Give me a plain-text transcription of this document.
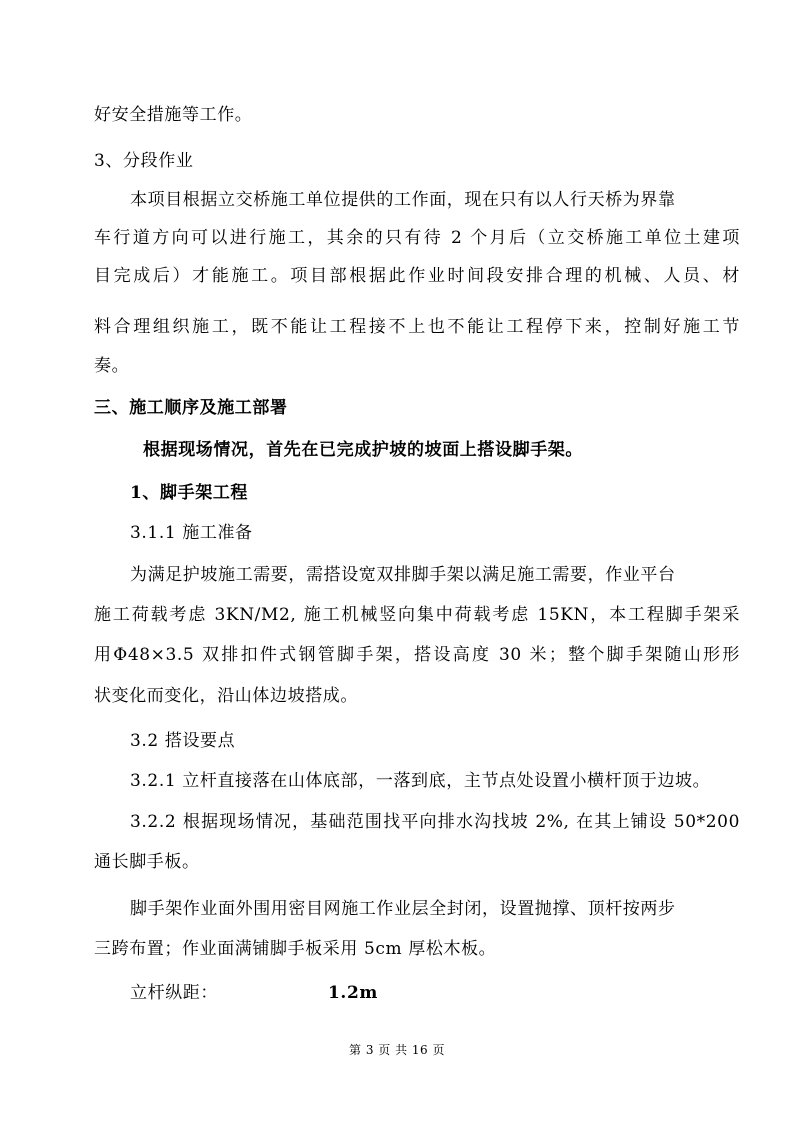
好安全措施等工作。
3、分段作业
本项目根据立交桥施工单位提供的工作面，现在只有以人行天桥为界靠
车行道方向可以进行施工，其余的只有待 2 个月后（立交桥施工单位土建项
目完成后）才能施工。项目部根据此作业时间段安排合理的机械、人员、材
料合理组织施工，既不能让工程接不上也不能让工程停下来，控制好施工节
奏。
三、施工顺序及施工部署
根据现场情况，首先在已完成护坡的坡面上搭设脚手架。
1、脚手架工程
3.1.1 施工准备
为满足护坡施工需要，需搭设宽双排脚手架以满足施工需要，作业平台
施工荷载考虑 3KN/M2, 施工机械竖向集中荷载考虑 15KN，本工程脚手架采
用Φ48×3.5 双排扣件式钢管脚手架，搭设高度 30 米；整个脚手架随山形形
状变化而变化，沿山体边坡搭成。
3.2 搭设要点
3.2.1 立杆直接落在山体底部，一落到底，主节点处设置小横杆顶于边坡。
3.2.2 根据现场情况，基础范围找平向排水沟找坡 2%, 在其上铺设 50*200
通长脚手板。
脚手架作业面外围用密目网施工作业层全封闭，设置抛撑、顶杆按两步
三跨布置；作业面满铺脚手板采用 5cm 厚松木板。
立杆纵距：	1.2m
第 3 页 共 16 页
